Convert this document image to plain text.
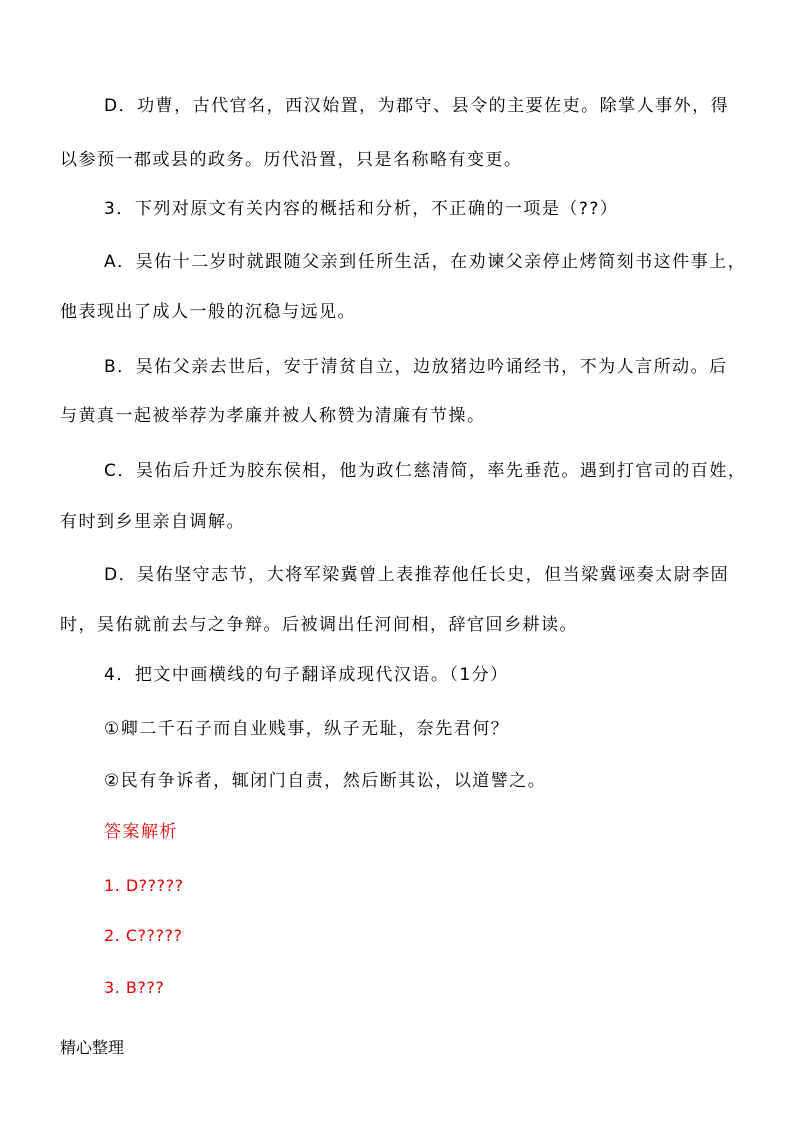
D．功曹，古代官名，西汉始置，为郡守、县令的主要佐吏。除掌人事外，得
以参预一郡或县的政务。历代沿置，只是名称略有变更。
3．下列对原文有关内容的概括和分析，不正确的一项是（??）
A．吴佑十二岁时就跟随父亲到任所生活，在劝谏父亲停止烤简刻书这件事上，
他表现出了成人一般的沉稳与远见。
B．吴佑父亲去世后，安于清贫自立，边放猪边吟诵经书，不为人言所动。后
与黄真一起被举荐为孝廉并被人称赞为清廉有节操。
C．吴佑后升迁为胶东侯相，他为政仁慈清简，率先垂范。遇到打官司的百姓，
有时到乡里亲自调解。
D．吴佑坚守志节，大将军梁冀曾上表推荐他任长史，但当梁冀诬奏太尉李固
时，吴佑就前去与之争辩。后被调出任河间相，辞官回乡耕读。
4．把文中画横线的句子翻译成现代汉语。（1分）
①卿二千石子而自业贱事，纵子无耻，奈先君何？
②民有争诉者，辄闭门自责，然后断其讼，以道譬之。
答案解析
1. D?????
2. C?????
3. B???
精心整理
